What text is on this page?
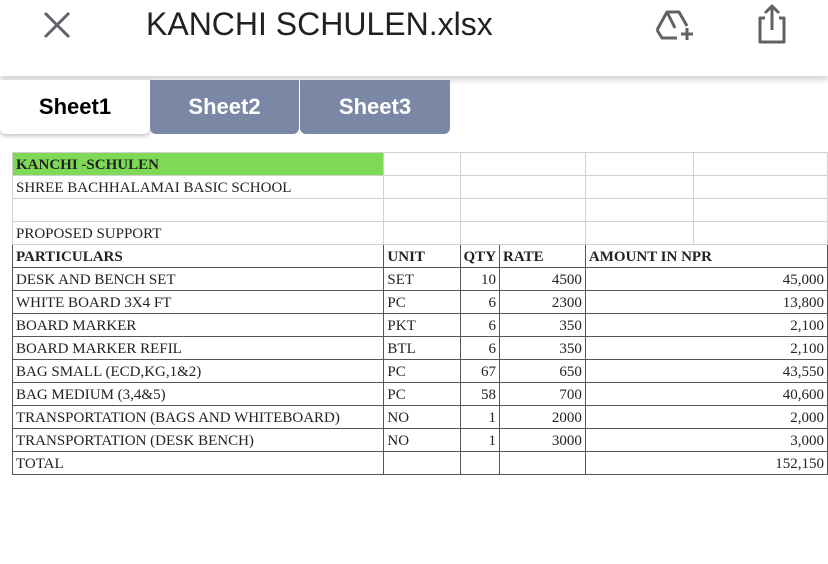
KANCHI SCHULEN.xlsx
Sheet1	Sheet2	Sheet3
KANCHI -SCHULEN					
SHREE BACHHALAMAI BASIC SCHOOL					

PROPOSED SUPPORT					
PARTICULARS	UNIT	QTY	RATE	AMOUNT IN NPR	
DESK AND BENCH SET	SET	10	4500	45,000	
WHITE BOARD 3X4 FT	PC	6	2300	13,800	
BOARD MARKER	PKT	6	350	2,100	
BOARD MARKER REFIL	BTL	6	350	2,100	
BAG SMALL (ECD,KG,1&2)	PC	67	650	43,550	
BAG MEDIUM (3,4&5)	PC	58	700	40,600	
TRANSPORTATION (BAGS AND WHITEBOARD)	NO	1	2000	2,000	
TRANSPORTATION (DESK BENCH)	NO	1	3000	3,000	
TOTAL				152,150	
